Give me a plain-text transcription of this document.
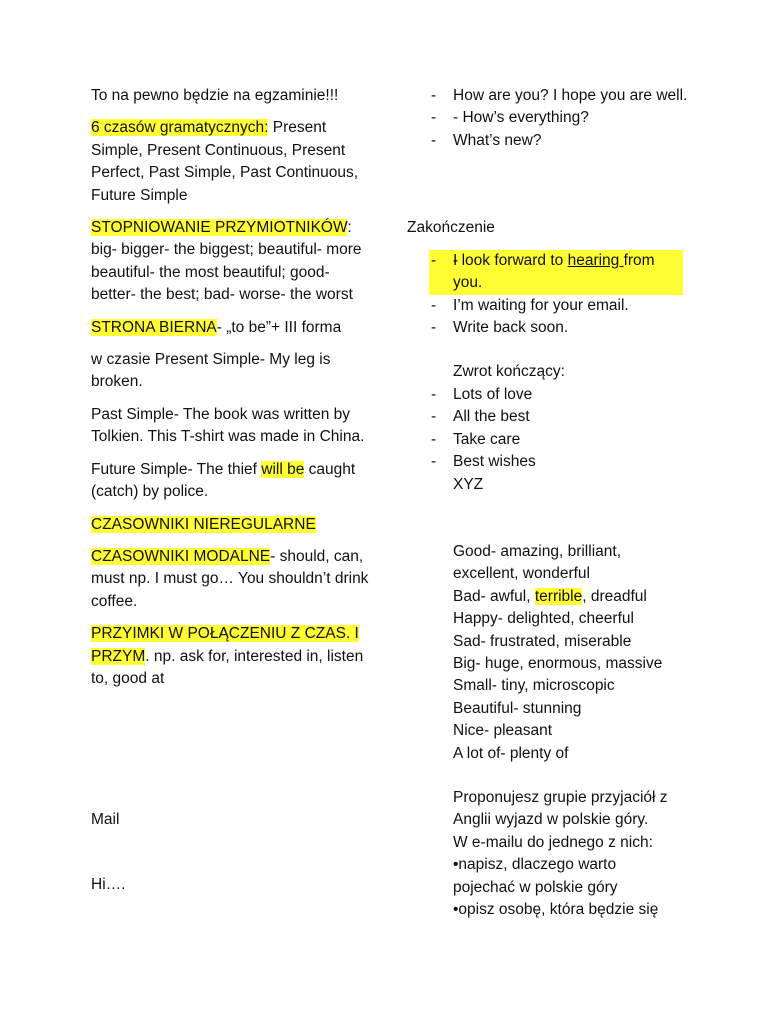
To na pewno będzie na egzaminie!!!

6 czasów gramatycznych: Present Simple, Present Continuous, Present Perfect, Past Simple, Past Continuous, Future Simple

STOPNIOWANIE PRZYMIOTNIKÓW: big- bigger- the biggest; beautiful- more beautiful- the most beautiful; good-better- the best; bad- worse- the worst

STRONA BIERNA- „to be”+ III forma

w czasie Present Simple- My leg is broken.

Past Simple- The book was written by Tolkien. This T-shirt was made in China.

Future Simple- The thief will be caught (catch) by police.

CZASOWNIKI NIEREGULARNE

CZASOWNIKI MODALNE- should, can, must np. I must go… You shouldn’t drink coffee.

PRZYIMKI W POŁĄCZENIU Z CZAS. I PRZYM. np. ask for, interested in, listen to, good at

Mail
Hi….
- How are you? I hope you are well.
- - How’s everything?
- What’s new?
Zakończenie
- - I look forward to hearing from you.
- I’m waiting for your email.
- Write back soon.
Zwrot kończący:
- Lots of love
- All the best
- Take care
- Best wishes
XYZ
Good- amazing, brilliant, excellent, wonderful
Bad- awful, terrible, dreadful
Happy- delighted, cheerful
Sad- frustrated, miserable
Big- huge, enormous, massive
Small- tiny, microscopic
Beautiful- stunning
Nice- pleasant
A lot of- plenty of
Proponujesz grupie przyjaciół z Anglii wyjazd w polskie góry.
W e-mailu do jednego z nich:
•napisz, dlaczego warto pojechać w polskie góry
•opisz osobę, która będzie się
